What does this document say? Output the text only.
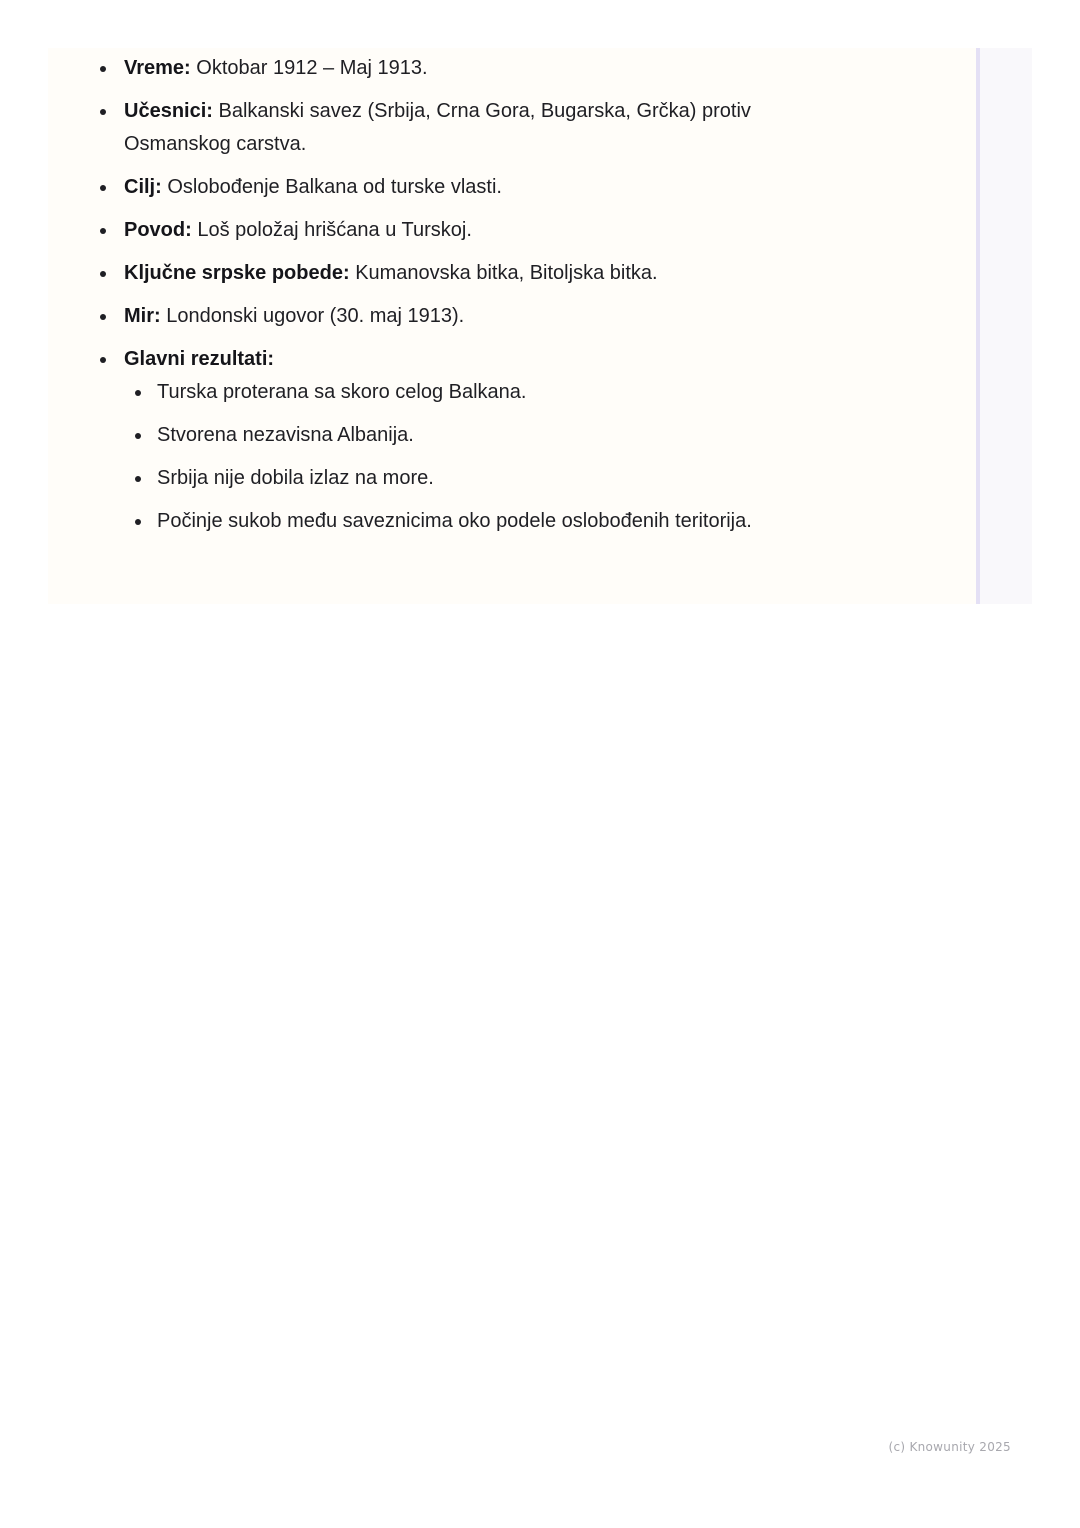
Vreme: Oktobar 1912 – Maj 1913.
Učesnici: Balkanski savez (Srbija, Crna Gora, Bugarska, Grčka) protiv Osmanskog carstva.
Cilj: Oslobođenje Balkana od turske vlasti.
Povod: Loš položaj hrišćana u Turskoj.
Ključne srpske pobede: Kumanovska bitka, Bitoljska bitka.
Mir: Londonski ugovor (30. maj 1913).
Glavni rezultati:
Turska proterana sa skoro celog Balkana.
Stvorena nezavisna Albanija.
Srbija nije dobila izlaz na more.
Počinje sukob među saveznicima oko podele oslobođenih teritorija.
(c) Knowunity 2025
